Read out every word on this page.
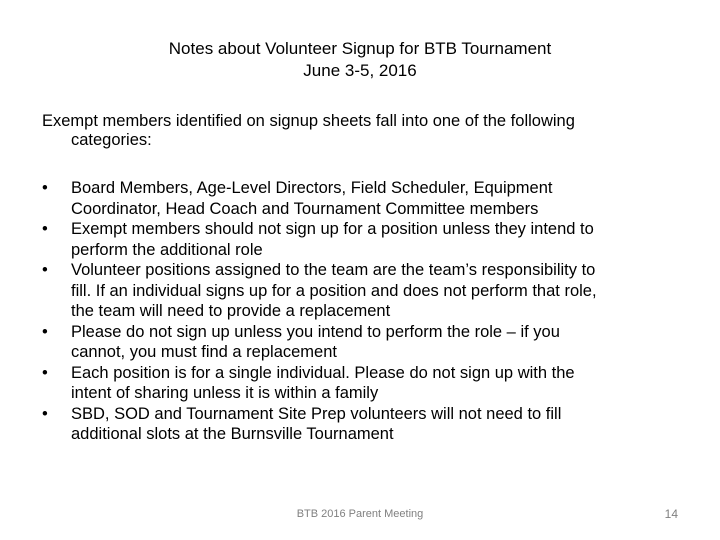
Notes about Volunteer Signup for BTB Tournament
June 3-5, 2016
Exempt members identified on signup sheets fall into one of the following
categories:
•	Board Members, Age-Level Directors, Field Scheduler, Equipment
Coordinator, Head Coach and Tournament Committee members
•	Exempt members should not sign up for a position unless they intend to
perform the additional role
•	Volunteer positions assigned to the team are the team’s responsibility to
fill. If an individual signs up for a position and does not perform that role,
the team will need to provide a replacement
•	Please do not sign up unless you intend to perform the role – if you
cannot, you must find a replacement
•	Each position is for a single individual. Please do not sign up with the
intent of sharing unless it is within a family
•	SBD, SOD and Tournament Site Prep volunteers will not need to fill
additional slots at the Burnsville Tournament
BTB 2016 Parent Meeting	14
